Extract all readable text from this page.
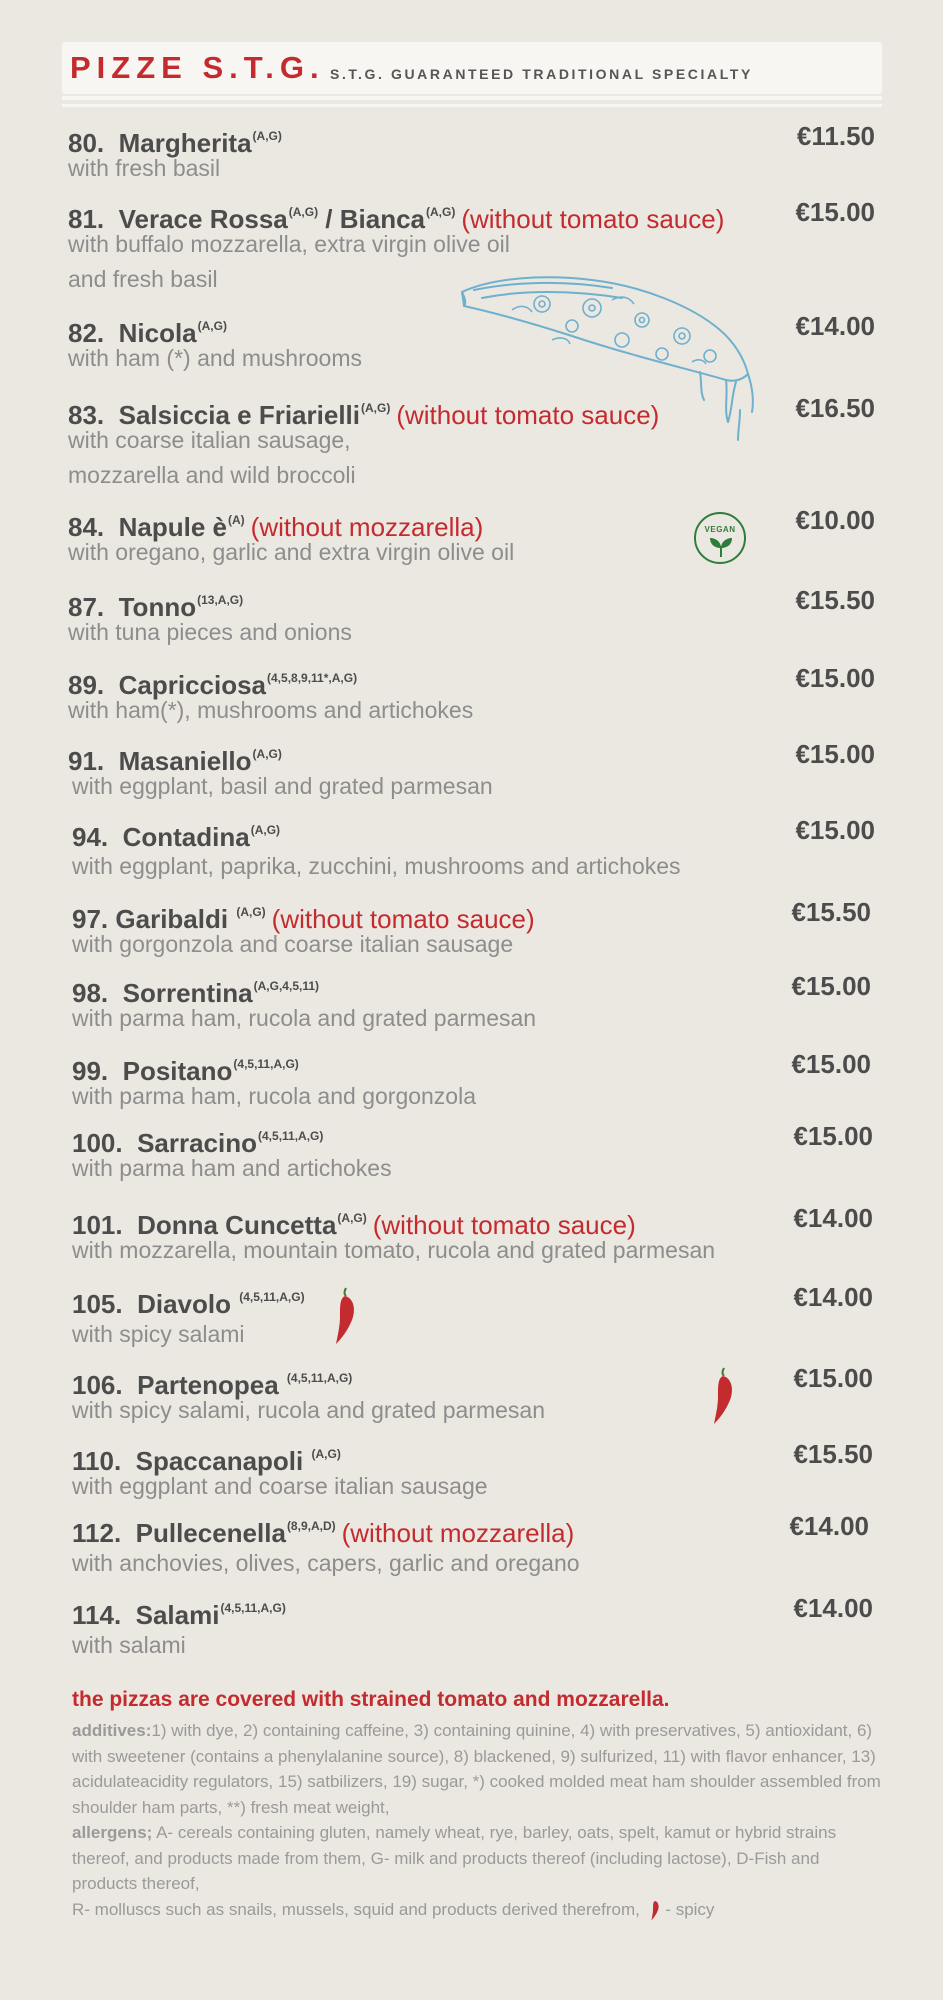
PIZZE S.T.G. S.T.G. GUARANTEED TRADITIONAL SPECIALTY
VEGAN
80. Margherita$^{(A,G)}$	€11.50
with fresh basil
81. Verace Rossa$^{(A,G)}$ / Bianca$^{(A,G)}$ (without tomato sauce)	€15.00
with buffalo mozzarella, extra virgin olive oil
and fresh basil
82. Nicola$^{(A,G)}$	€14.00
with ham (*) and mushrooms
83. Salsiccia e Friarielli$^{(A,G)}$ (without tomato sauce)	€16.50
with coarse italian sausage,
mozzarella and wild broccoli
84. Napule $è^{(A)}$ (without mozzarella)	€10.00
with oregano, garlic and extra virgin olive oil
87. Tonno$^{(13,A,G)}$	€15.50
with tuna pieces and onions
89. Capricciosa$^{(4,5,8,9,11*,A,G)}$	€15.00
with ham(*), mushrooms and artichokes
91. Masaniello$^{(A,G)}$	€15.00
with eggplant, basil and grated parmesan
94. Contadina$^{(A,G)}$	€15.00
with eggplant, paprika, zucchini, mushrooms and artichokes
97. Garibaldi $^{(A,G)}$ (without tomato sauce)	€15.50
with gorgonzola and coarse italian sausage
98. Sorrentina$^{(A,G,4,5,11)}$	€15.00
with parma ham, rucola and grated parmesan
99. Positano$^{(4,5,11,A,G)}$	€15.00
with parma ham, rucola and gorgonzola
100. Sarracino$^{(4,5,11,A,G)}$	€15.00
with parma ham and artichokes
101. Donna Cuncetta$^{(A,G)}$ (without tomato sauce)	€14.00
with mozzarella, mountain tomato, rucola and grated parmesan
105. Diavolo $^{(4,5,11,A,G)}$	€14.00
with spicy salami
106. Partenopea $^{(4,5,11,A,G)}$	€15.00
with spicy salami, rucola and grated parmesan
110. Spaccanapoli $^{(A,G)}$	€15.50
with eggplant and coarse italian sausage
112. Pullecenella$^{(8,9,A,D)}$ (without mozzarella)	€14.00
with anchovies, olives, capers, garlic and oregano
114. Salami$^{(4,5,11,A,G)}$	€14.00
with salami
the pizzas are covered with strained tomato and mozzarella.

additives:1) with dye, 2) containing caffeine, 3) containing quinine, 4) with preservatives, 5) antioxidant, 6) with sweetener (contains a phenylalanine source), 8) blackened, 9) sulfurized, 11) with flavor enhancer, 13) acidulateacidity regulators, 15) satbilizers, 19) sugar, *) cooked molded meat ham shoulder assembled from shoulder ham parts, **) fresh meat weight,

allergens; A- cereals containing gluten, namely wheat, rye, barley, oats, spelt, kamut or hybrid strains thereof, and products made from them, G- milk and products thereof (including lactose), D-Fish and products thereof,

R- molluscs such as snails, mussels, squid and products derived therefrom,  - spicy
